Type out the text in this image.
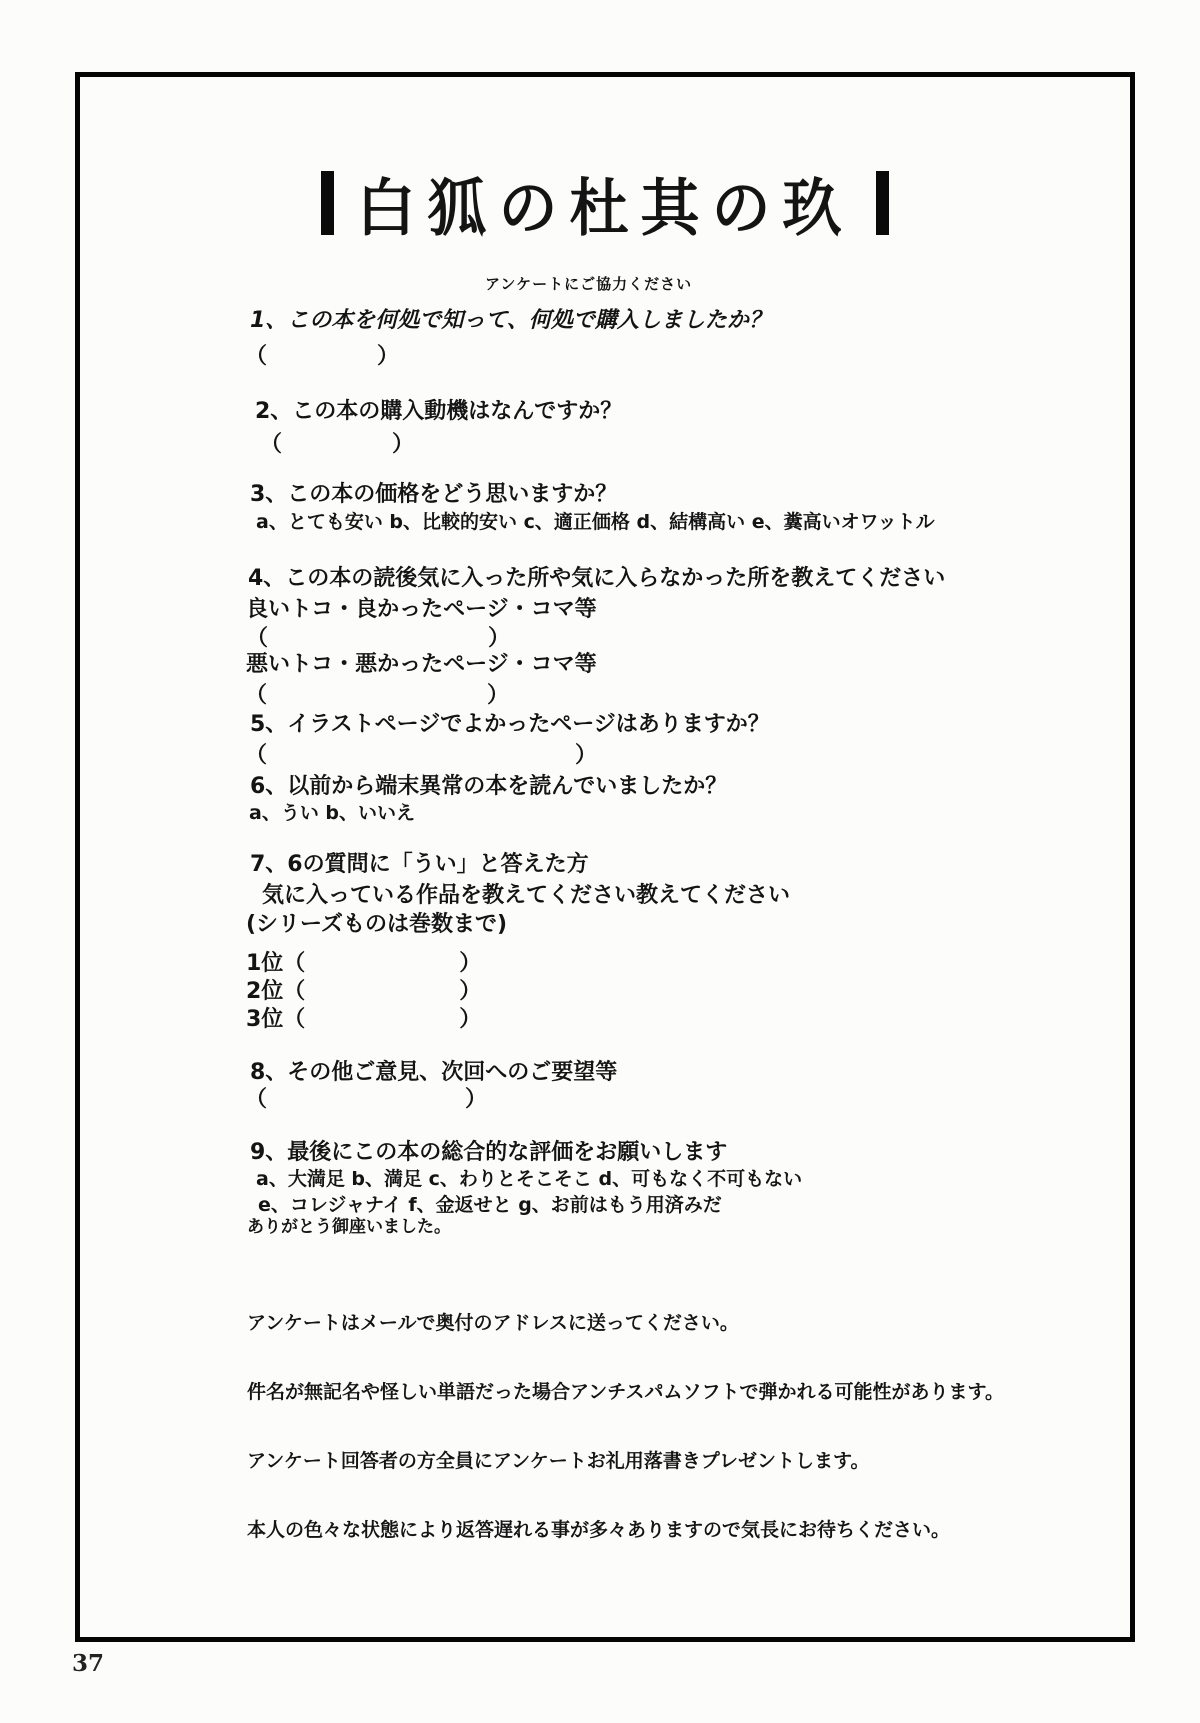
白狐の杜其の玖
アンケートにご協力ください
1、この本を何処で知って、何処で購入しましたか？
（　　　　　）
2、この本の購入動機はなんですか？
（　　　　　）
3、この本の価格をどう思いますか？
a、とても安い b、比較的安い c、適正価格 d、結構高い e、糞高いオワットル
4、この本の読後気に入った所や気に入らなかった所を教えてください
良いトコ・良かったページ・コマ等
（　　　　　　　　　　）
悪いトコ・悪かったページ・コマ等
（　　　　　　　　　　）
5、イラストページでよかったページはありますか？
（　　　　　　　　　　　　　　）
6、以前から端末異常の本を読んでいましたか？
a、うい b、いいえ
7、6の質問に「うい」と答えた方
気に入っている作品を教えてください教えてください
(シリーズものは巻数まで)
1位（　　　　　　　）
2位（　　　　　　　）
3位（　　　　　　　）
8、その他ご意見、次回へのご要望等
（　　　　　　　　　）
9、最後にこの本の総合的な評価をお願いします
a、大満足 b、満足 c、わりとそこそこ d、可もなく不可もない
e、コレジャナイ f、金返せと g、お前はもう用済みだ
ありがとう御座いました。

アンケートはメールで奥付のアドレスに送ってください。

件名が無記名や怪しい単語だった場合アンチスパムソフトで弾かれる可能性があります。

アンケート回答者の方全員にアンケートお礼用落書きプレゼントします。

本人の色々な状態により返答遅れる事が多々ありますので気長にお待ちください。

37
